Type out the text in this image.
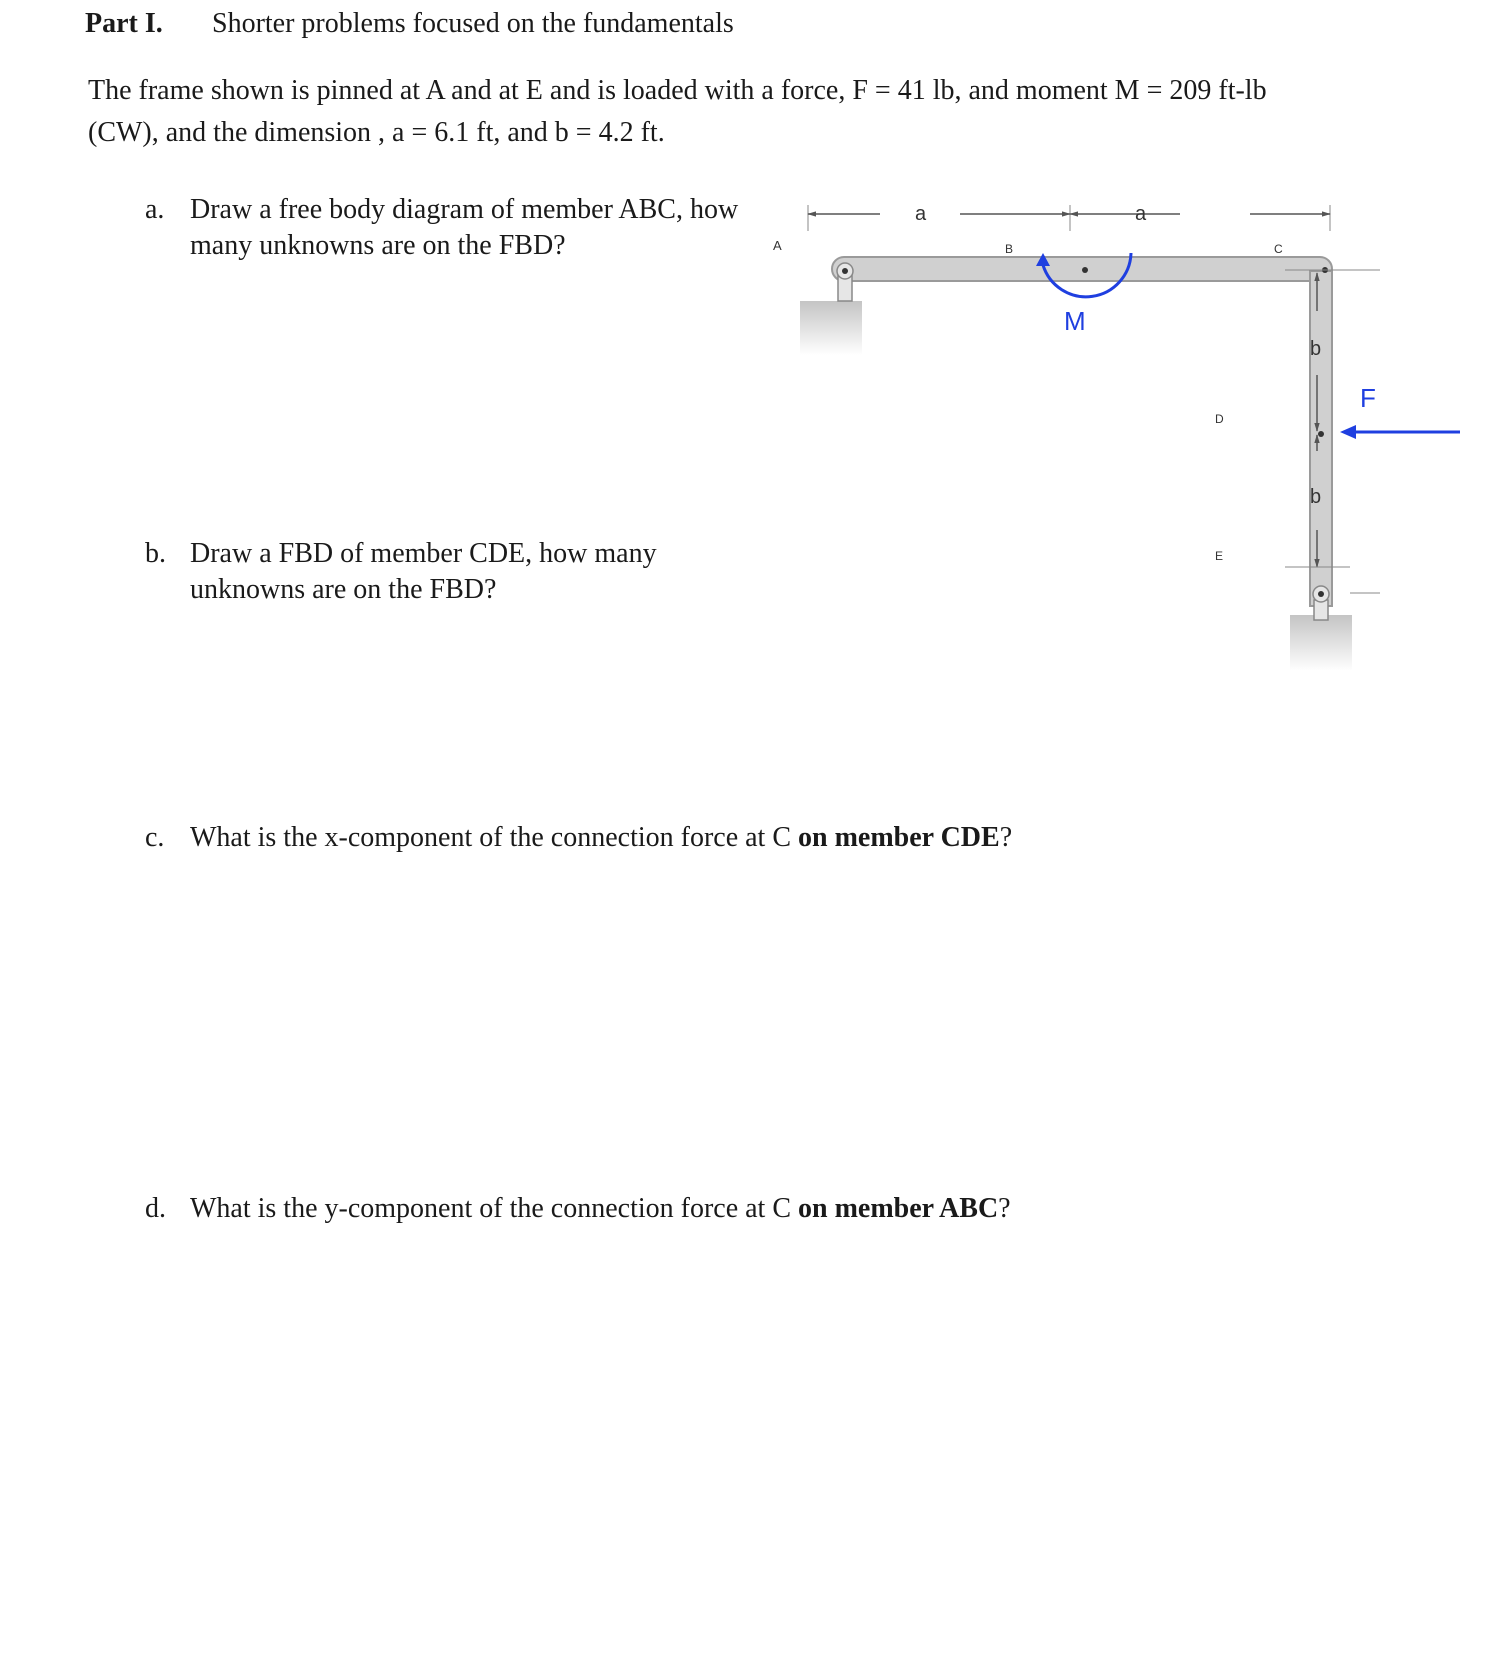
Part I. Shorter problems focused on the fundamentals
The frame shown is pinned at A and at E and is loaded with a force, F = 41 lb, and moment M = 209 ft-lb
(CW), and the dimension , a = 6.1 ft, and b = 4.2 ft.
a. Draw a free body diagram of member ABC, how
many unknowns are on the FBD?
b. Draw a FBD of member CDE, how many
unknowns are on the FBD?
c. What is the x-component of the connection force at C on member CDE?
d. What is the y-component of the connection force at C on member ABC?
a	a
A	B	C
D
E
M
F
b
b
